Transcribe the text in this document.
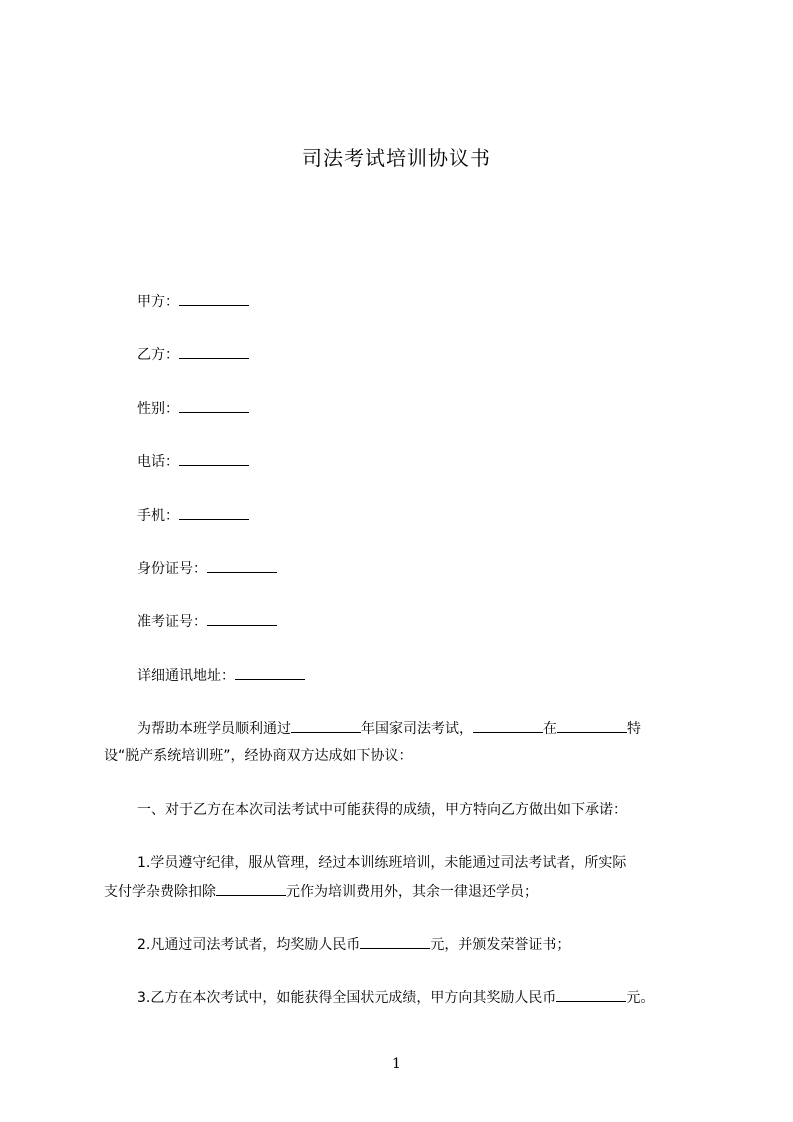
司法考试培训协议书
甲方：
乙方：
性别：
电话：
手机：
身份证号：
准考证号：
详细通讯地址：
为帮助本班学员顺利通过	年国家司法考试，	在	特
设“脱产系统培训班”，经协商双方达成如下协议：
一、对于乙方在本次司法考试中可能获得的成绩，甲方特向乙方做出如下承诺：
1.学员遵守纪律，服从管理，经过本训练班培训，未能通过司法考试者，所实际
支付学杂费除扣除	元作为培训费用外，其余一律退还学员；
2.凡通过司法考试者，均奖励人民币	元，并颁发荣誉证书；
3.乙方在本次考试中，如能获得全国状元成绩，甲方向其奖励人民币	元。
1
